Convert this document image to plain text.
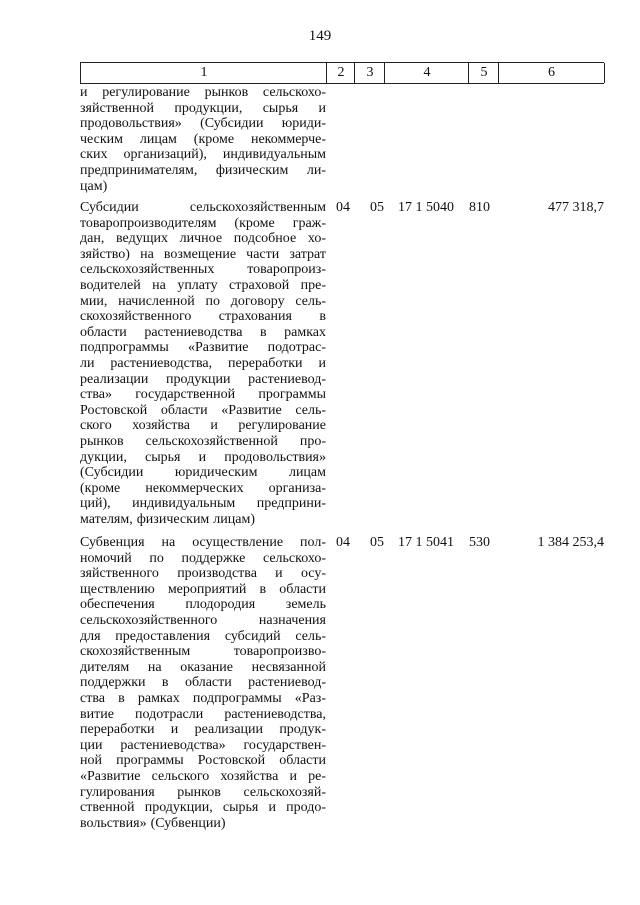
149
1	2	3	4	5	6
и регулирование рынков сельскохо-
зяйственной продукции, сырья и
продовольствия» (Субсидии юриди-
ческим лицам (кроме некоммерче-
ских организаций), индивидуальным
предпринимателям, физическим ли-
цам)
Субсидии сельскохозяйственным
товаропроизводителям (кроме граж-
дан, ведущих личное подсобное хо-
зяйство) на возмещение части затрат
сельскохозяйственных товаропроиз-
водителей на уплату страховой пре-
мии, начисленной по договору сель-
скохозяйственного страхования в
области растениеводства в рамках
подпрограммы «Развитие подотрас-
ли растениеводства, переработки и
реализации продукции растениевод-
ства» государственной программы
Ростовской области «Развитие сель-
ского хозяйства и регулирование
рынков сельскохозяйственной про-
дукции, сырья и продовольствия»
(Субсидии юридическим лицам
(кроме некоммерческих организа-
ций), индивидуальным предприни-
мателям, физическим лицам)
04 05	17 1 5040	810	477 318,7
Субвенция на осуществление пол-
номочий по поддержке сельскохо-
зяйственного производства и осу-
ществлению мероприятий в области
обеспечения плодородия земель
сельскохозяйственного назначения
для предоставления субсидий сель-
скохозяйственным товаропроизво-
дителям на оказание несвязанной
поддержки в области растениевод-
ства в рамках подпрограммы «Раз-
витие подотрасли растениеводства,
переработки и реализации продук-
ции растениеводства» государствен-
ной программы Ростовской области
«Развитие сельского хозяйства и ре-
гулирования рынков сельскохозяй-
ственной продукции, сырья и продо-
вольствия» (Субвенции)
04 05	17 1 5041	530	1 384 253,4
